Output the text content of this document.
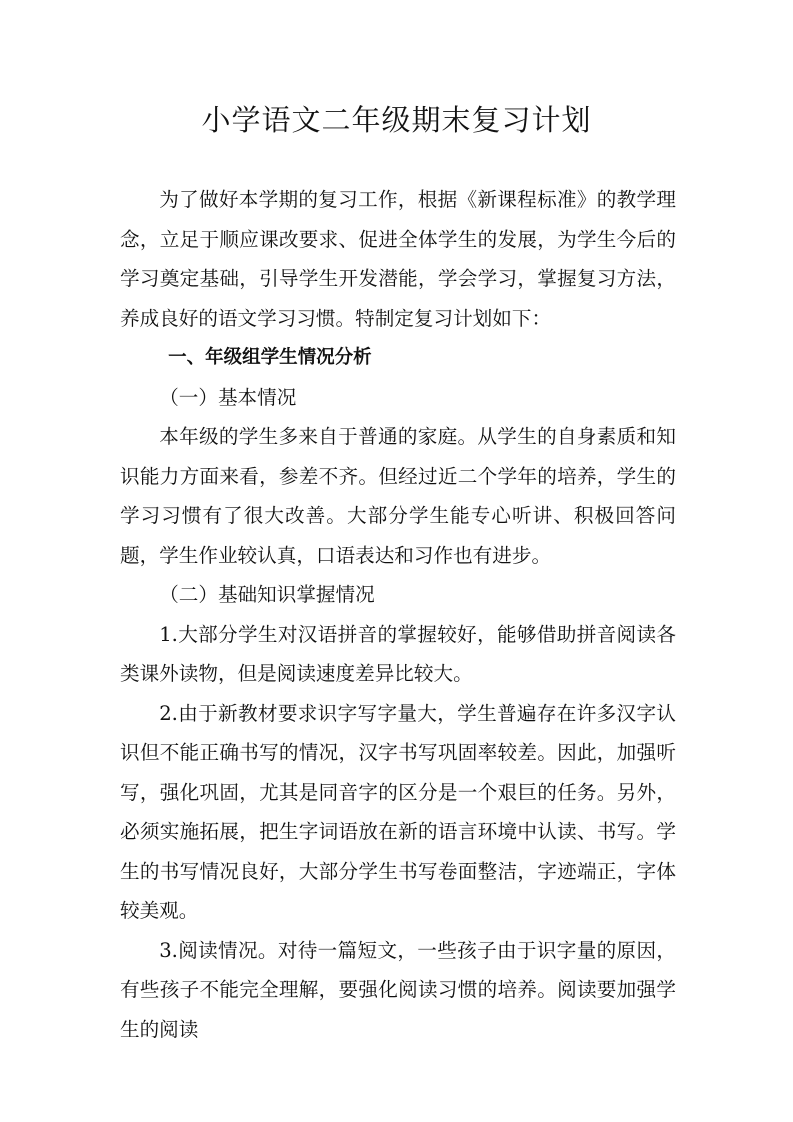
小学语文二年级期末复习计划

为了做好本学期的复习工作，根据《新课程标准》的教学理念，立足于顺应课改要求、促进全体学生的发展，为学生今后的学习奠定基础，引导学生开发潜能，学会学习，掌握复习方法，养成良好的语文学习习惯。特制定复习计划如下：

一、年级组学生情况分析

（一）基本情况

本年级的学生多来自于普通的家庭。从学生的自身素质和知识能力方面来看，参差不齐。但经过近二个学年的培养，学生的学习习惯有了很大改善。大部分学生能专心听讲、积极回答问题，学生作业较认真，口语表达和习作也有进步。

（二）基础知识掌握情况

1.大部分学生对汉语拼音的掌握较好，能够借助拼音阅读各类课外读物，但是阅读速度差异比较大。

2.由于新教材要求识字写字量大，学生普遍存在许多汉字认识但不能正确书写的情况，汉字书写巩固率较差。因此，加强听写，强化巩固，尤其是同音字的区分是一个艰巨的任务。另外，必须实施拓展，把生字词语放在新的语言环境中认读、书写。学生的书写情况良好，大部分学生书写卷面整洁，字迹端正，字体较美观。

3.阅读情况。对待一篇短文，一些孩子由于识字量的原因，有些孩子不能完全理解，要强化阅读习惯的培养。阅读要加强学生的阅读
